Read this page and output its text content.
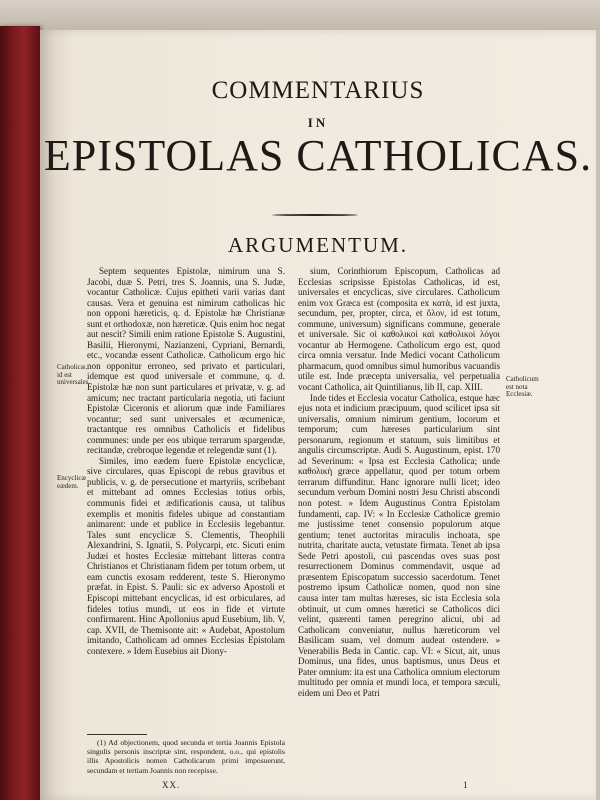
COMMENTARIUS
IN
EPISTOLAS CATHOLICAS.
ARGUMENTUM.

Septem sequentes Epistolæ, nimirum una S. Jacobi, duæ S. Petri, tres S. Joannis, una S. Judæ, vocantur Catholicæ. Cujus epitheti varii varias dant causas. Vera et genuina est nimirum catholicas hic non opponi hæreticis, q. d. Epistolæ hæ Christianæ sunt et orthodoxæ, non hæreticæ. Quis enim hoc negat aut nescit? Simili enim ratione Epistolæ S. Augustini, Basilii, Hieronymi, Nazianzeni, Cypriani, Bernardi, etc., vocandæ essent Catholicæ. Catholicum ergo hic non opponitur erroneo, sed privato et particulari, idemque est quod universale et commune, q. d. Epistolæ hæ non sunt particulares et privatæ, v. g. ad amicum; nec tractant particularia negotia, uti faciunt Epistolæ Ciceronis et aliorum quæ inde Familiares vocantur; sed sunt universales et œcumenicæ, tractantque res omnibus Catholicis et fidelibus communes: unde per eos ubique terrarum spargendæ, recitandæ, crebroque legendæ et relegendæ sunt (1).

Similes, imo eædem fuere Epistolæ encyclicæ, sive circulares, quas Episcopi de rebus gravibus et publicis, v. g. de persecutione et martyriis, scribebant et mittebant ad omnes Ecclesias totius orbis, communis fidei et ædificationis causa, ut talibus exemplis et monitis fideles ubique ad constantiam animarent: unde et publice in Ecclesiis legebantur. Tales sunt encyclicæ S. Clementis, Theophili Alexandrini, S. Ignatii, S. Polycarpi, etc. Sicuti enim Judæi et hostes Ecclesiæ mittebant litteras contra Christianos et Christianam fidem per totum orbem, ut eam cunctis exosam redderent, teste S. Hieronymo præfat. in Epist. S. Pauli: sic ex adverso Apostoli et Episcopi mittebant encyclicas, id est orbiculares, ad fideles totius mundi, ut eos in fide et virtute confirmarent. Hinc Apollonius apud Eusebium, lib. V, cap. XVII, de Themisonte ait: « Audebat, Apostolum imitando, Catholicam ad omnes Ecclesias Epistolam contexere. » Idem Eusebius ait Diony-

sium, Corinthiorum Episcopum, Catholicas ad Ecclesias scripsisse Epistolas Catholicas, id est, universales et encyclicas, sive circulares. Catholicum enim vox Græca est (composita ex κατὰ, id est juxta, secundum, per, propter, circa, et ὅλον, id est totum, commune, universum) significans commune, generale et universale. Sic οἱ καθολικοὶ καὶ καθολικοὶ λόγοι vocantur ab Hermogene. Catholicum ergo est, quod circa omnia versatur. Inde Medici vocant Catholicum pharmacum, quod omnibus simul humoribus vacuandis utile est. Inde præcepta universalia, vel perpetualia vocant Catholica, ait Quintilianus, lib II, cap. XIII.

Inde tides et Ecclesia vocatur Catholica, estque hæc ejus nota et indicium præcipuum, quod scilicet ipsa sit universalis, omnium nimirum gentium, locorum et temporum; cum hæreses particularium sint personarum, regionum et statuum, suis limitibus et angulis circumscriptæ. Audi S. Augustinum, epist. 170 ad Severinum: « Ipsa est Ecclesia Catholica; unde καθολικὴ græce appellatur, quod per totum orbem terrarum diffunditur. Hanc ignorare nulli licet; ideo secundum verbum Domini nostri Jesu Christi abscondi non potest. » Idem Augustinus Contra Epistolam fundamenti, cap. IV: « In Ecclesiæ Catholicæ gremio me justissime tenet consensio populorum atque gentium; tenet auctoritas miraculis inchoata, spe nutrita, charitate aucta, vetustate firmata. Tenet ab ipsa Sede Petri apostoli, cui pascendas oves suas post resurrectionem Dominus commendavit, usque ad præsentem Episcopatum successio sacerdotum. Tenet postremo ipsum Catholicæ nomen, quod non sine causa inter tam multas hæreses, sic ista Ecclesia sola obtinuit, ut cum omnes hæretici se Catholicos dici velint, quærenti tamen peregrino alicui, ubi ad Catholicam conveniatur, nullus hæreticorum vel Basilicam suam, vel domum audeat ostendere. » Venerabilis Beda in Cantic. cap. VI: « Sicut, ait, unus Dominus, una fides, unus baptismus, unus Deus et Pater omnium: ita est una Catholica omnium electorum multitudo per omnia et mundi loca, et tempora sæculi, eidem uni Deo et Patri

Catholicæ, id est universales.
Encyclicæ eædem.
Catholicum est nota Ecclesiæ.

(1) Ad objectionem, quod secunda et tertia Joannis Epistola singulis personis inscriptæ sint, respondent, o.o., qui epistolis illis Apostolicis nomen Catholicarum primi imposuerunt, secundam et tertiam Joannis non recepisse.

XX.	1
